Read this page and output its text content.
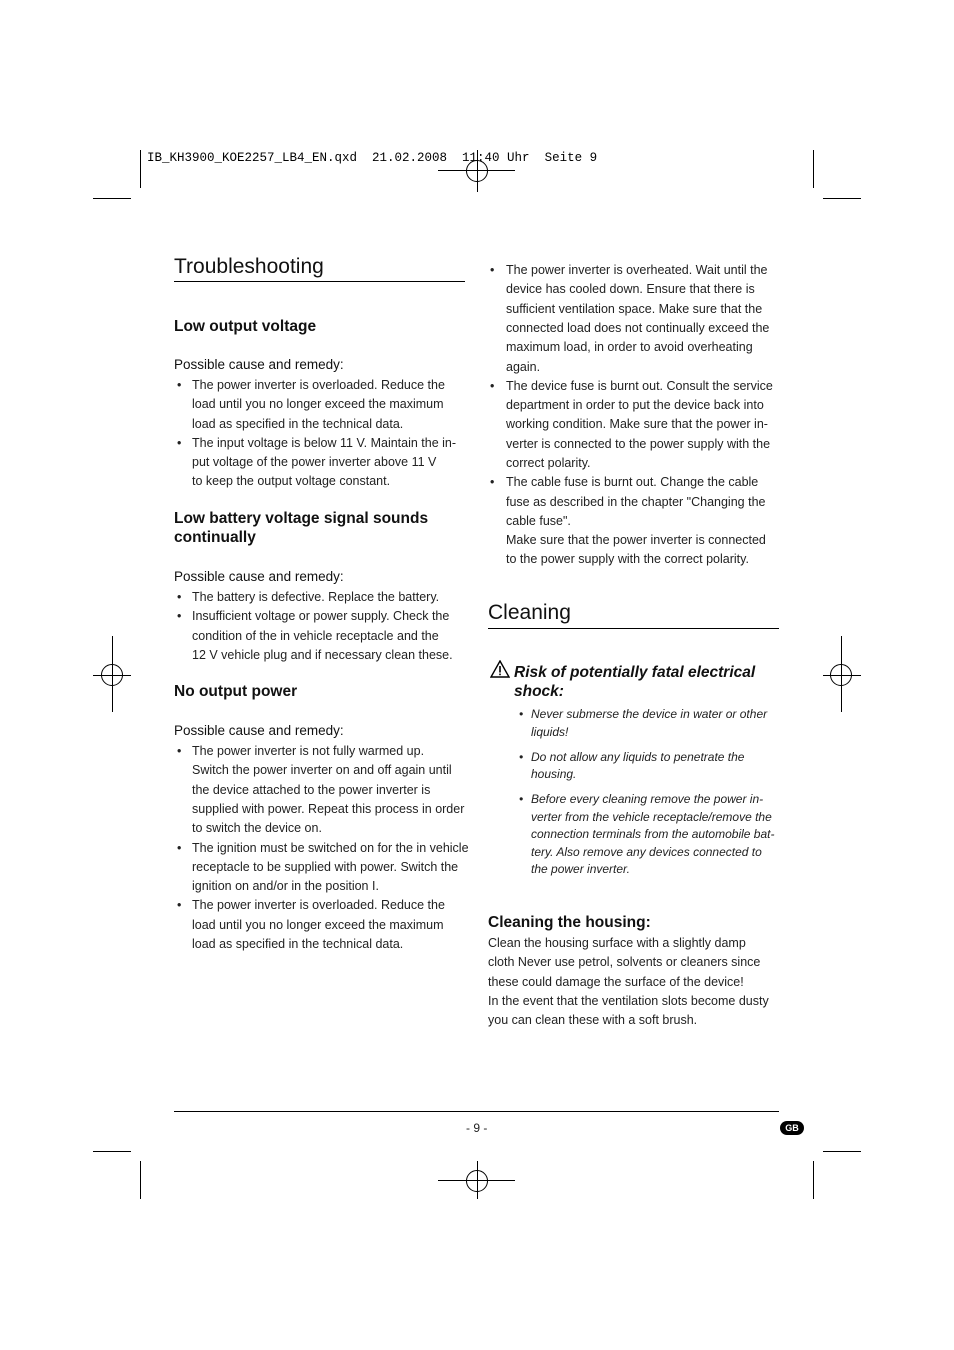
IB_KH3900_KOE2257_LB4_EN.qxd  21.02.2008  11:40 Uhr  Seite 9
Troubleshooting
Low output voltage
Possible cause and remedy:
• The power inverter is overloaded. Reduce the
load until you no longer exceed the maximum
load as specified in the technical data.
• The input voltage is below 11 V. Maintain the in-
put voltage of the power inverter above 11 V
to keep the output voltage constant.
Low battery voltage signal sounds
continually
Possible cause and remedy:
• The battery is defective. Replace the battery.
• Insufficient voltage or power supply. Check the
condition of the in vehicle receptacle and the
12 V vehicle plug and if necessary clean these.
No output power
Possible cause and remedy:
• The power inverter is not fully warmed up.
Switch the power inverter on and off again until
the device attached to the power inverter is
supplied with power. Repeat this process in order
to switch the device on.
• The ignition must be switched on for the in vehicle
receptacle to be supplied with power. Switch the
ignition on and/or in the position I.
• The power inverter is overloaded. Reduce the
load until you no longer exceed the maximum
load as specified in the technical data.
• The power inverter is overheated. Wait until the
device has cooled down. Ensure that there is
sufficient ventilation space. Make sure that the
connected load does not continually exceed the
maximum load, in order to avoid overheating
again.
• The device fuse is burnt out. Consult the service
department in order to put the device back into
working condition. Make sure that the power in-
verter is connected to the power supply with the
correct polarity.
• The cable fuse is burnt out. Change the cable
fuse as described in the chapter "Changing the
cable fuse".
Make sure that the power inverter is connected
to the power supply with the correct polarity.
Cleaning
Risk of potentially fatal electrical
shock:
• Never submerse the device in water or other
liquids!
• Do not allow any liquids to penetrate the
housing.
• Before every cleaning remove the power in-
verter from the vehicle receptacle/remove the
connection terminals from the automobile bat-
tery. Also remove any devices connected to
the power inverter.
Cleaning the housing:
Clean the housing surface with a slightly damp
cloth Never use petrol, solvents or cleaners since
these could damage the surface of the device!
In the event that the ventilation slots become dusty
you can clean these with a soft brush.
- 9 -	GB
